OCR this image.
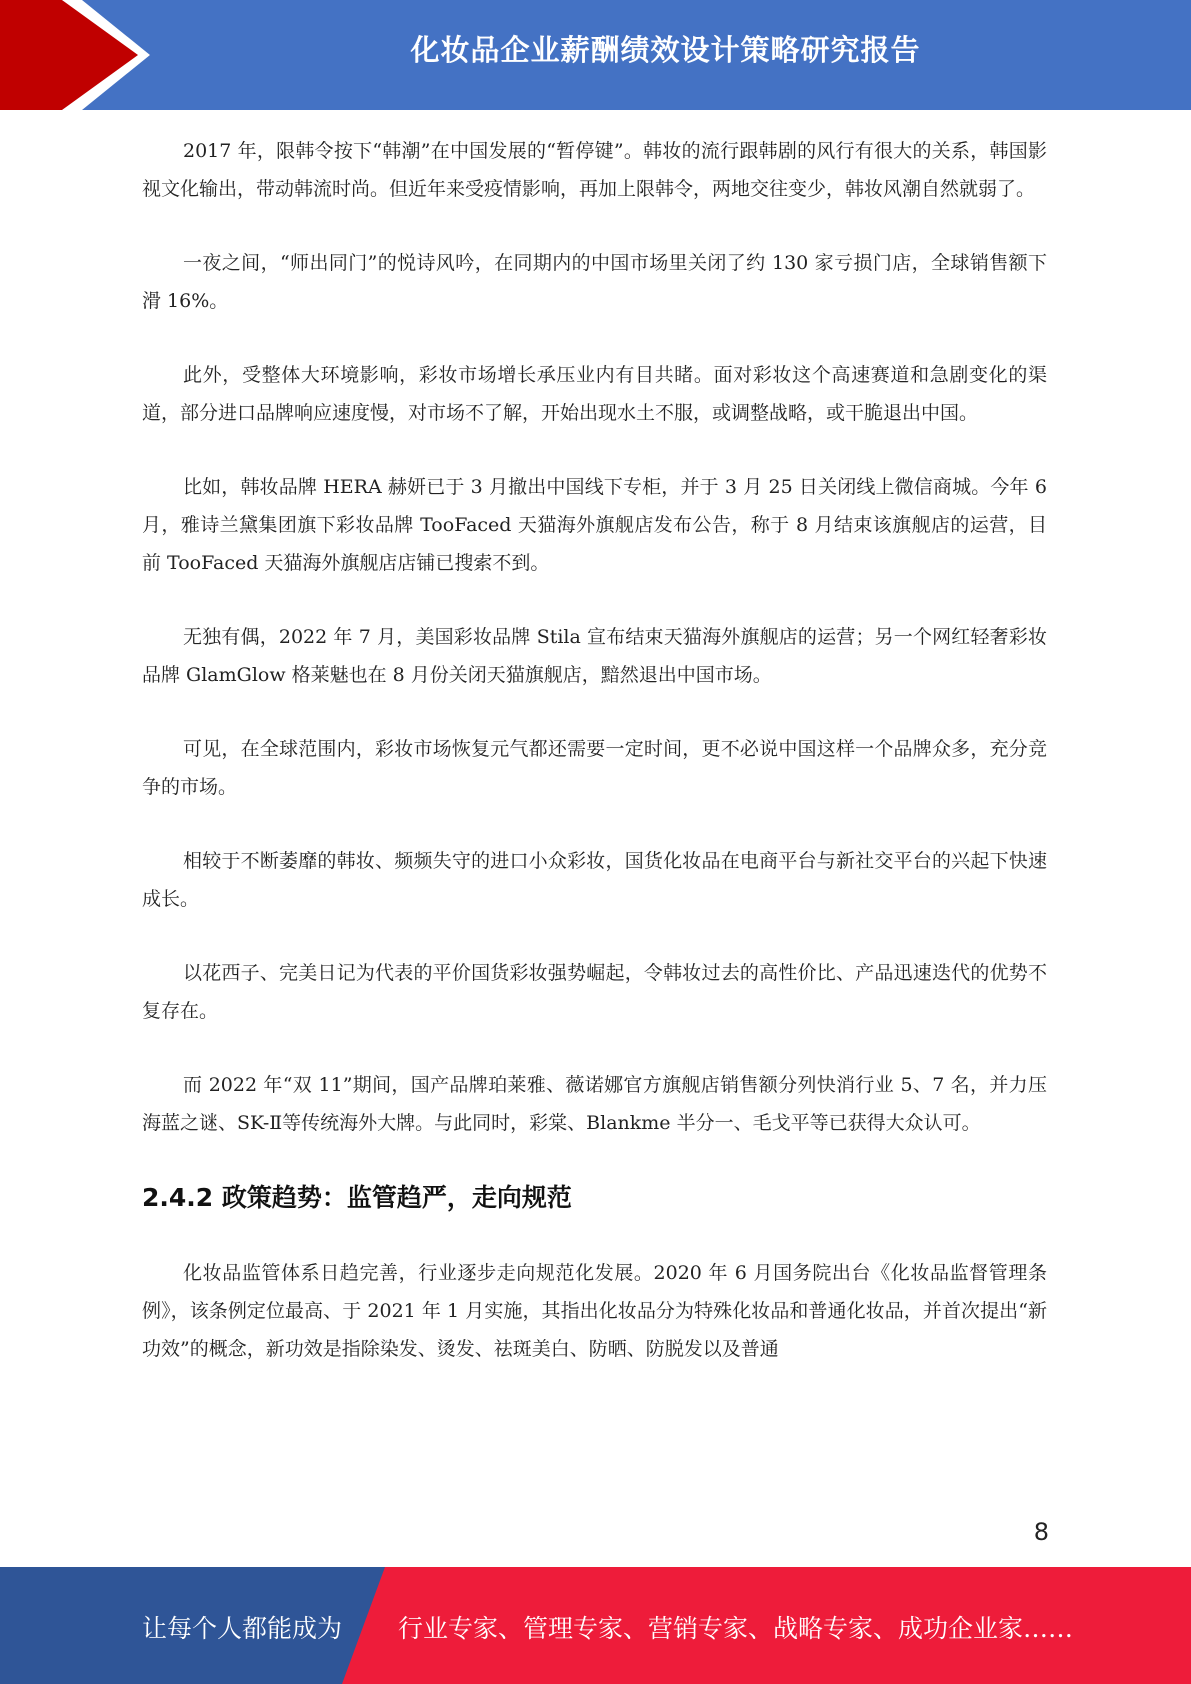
化妆品企业薪酬绩效设计策略研究报告

2017 年，限韩令按下“韩潮”在中国发展的“暂停键”。韩妆的流行跟韩剧的风行有很大的关系，韩国影视文化输出，带动韩流时尚。但近年来受疫情影响，再加上限韩令，两地交往变少，韩妆风潮自然就弱了。

一夜之间，“师出同门”的悦诗风吟，在同期内的中国市场里关闭了约 130 家亏损门店，全球销售额下滑 16%。

此外，受整体大环境影响，彩妆市场增长承压业内有目共睹。面对彩妆这个高速赛道和急剧变化的渠道，部分进口品牌响应速度慢，对市场不了解，开始出现水土不服，或调整战略，或干脆退出中国。

比如，韩妆品牌 HERA 赫妍已于 3 月撤出中国线下专柜，并于 3 月 25 日关闭线上微信商城。今年 6 月，雅诗兰黛集团旗下彩妆品牌 TooFaced 天猫海外旗舰店发布公告，称于 8 月结束该旗舰店的运营，目前 TooFaced 天猫海外旗舰店店铺已搜索不到。

无独有偶，2022 年 7 月，美国彩妆品牌 Stila 宣布结束天猫海外旗舰店的运营；另一个网红轻奢彩妆品牌 GlamGlow 格莱魅也在 8 月份关闭天猫旗舰店，黯然退出中国市场。

可见，在全球范围内，彩妆市场恢复元气都还需要一定时间，更不必说中国这样一个品牌众多，充分竞争的市场。

相较于不断萎靡的韩妆、频频失守的进口小众彩妆，国货化妆品在电商平台与新社交平台的兴起下快速成长。

以花西子、完美日记为代表的平价国货彩妆强势崛起，令韩妆过去的高性价比、产品迅速迭代的优势不复存在。

而 2022 年“双 11”期间，国产品牌珀莱雅、薇诺娜官方旗舰店销售额分列快消行业 5、7 名，并力压海蓝之谜、SK-Ⅱ等传统海外大牌。与此同时，彩棠、Blankme 半分一、毛戈平等已获得大众认可。

2.4.2 政策趋势：监管趋严，走向规范

化妆品监管体系日趋完善，行业逐步走向规范化发展。2020 年 6 月国务院出台《化妆品监督管理条例》，该条例定位最高、于 2021 年 1 月实施，其指出化妆品分为特殊化妆品和普通化妆品，并首次提出“新功效”的概念，新功效是指除染发、烫发、祛斑美白、防晒、防脱发以及普通

8
让每个人都能成为 行业专家、管理专家、营销专家、战略专家、成功企业家……
